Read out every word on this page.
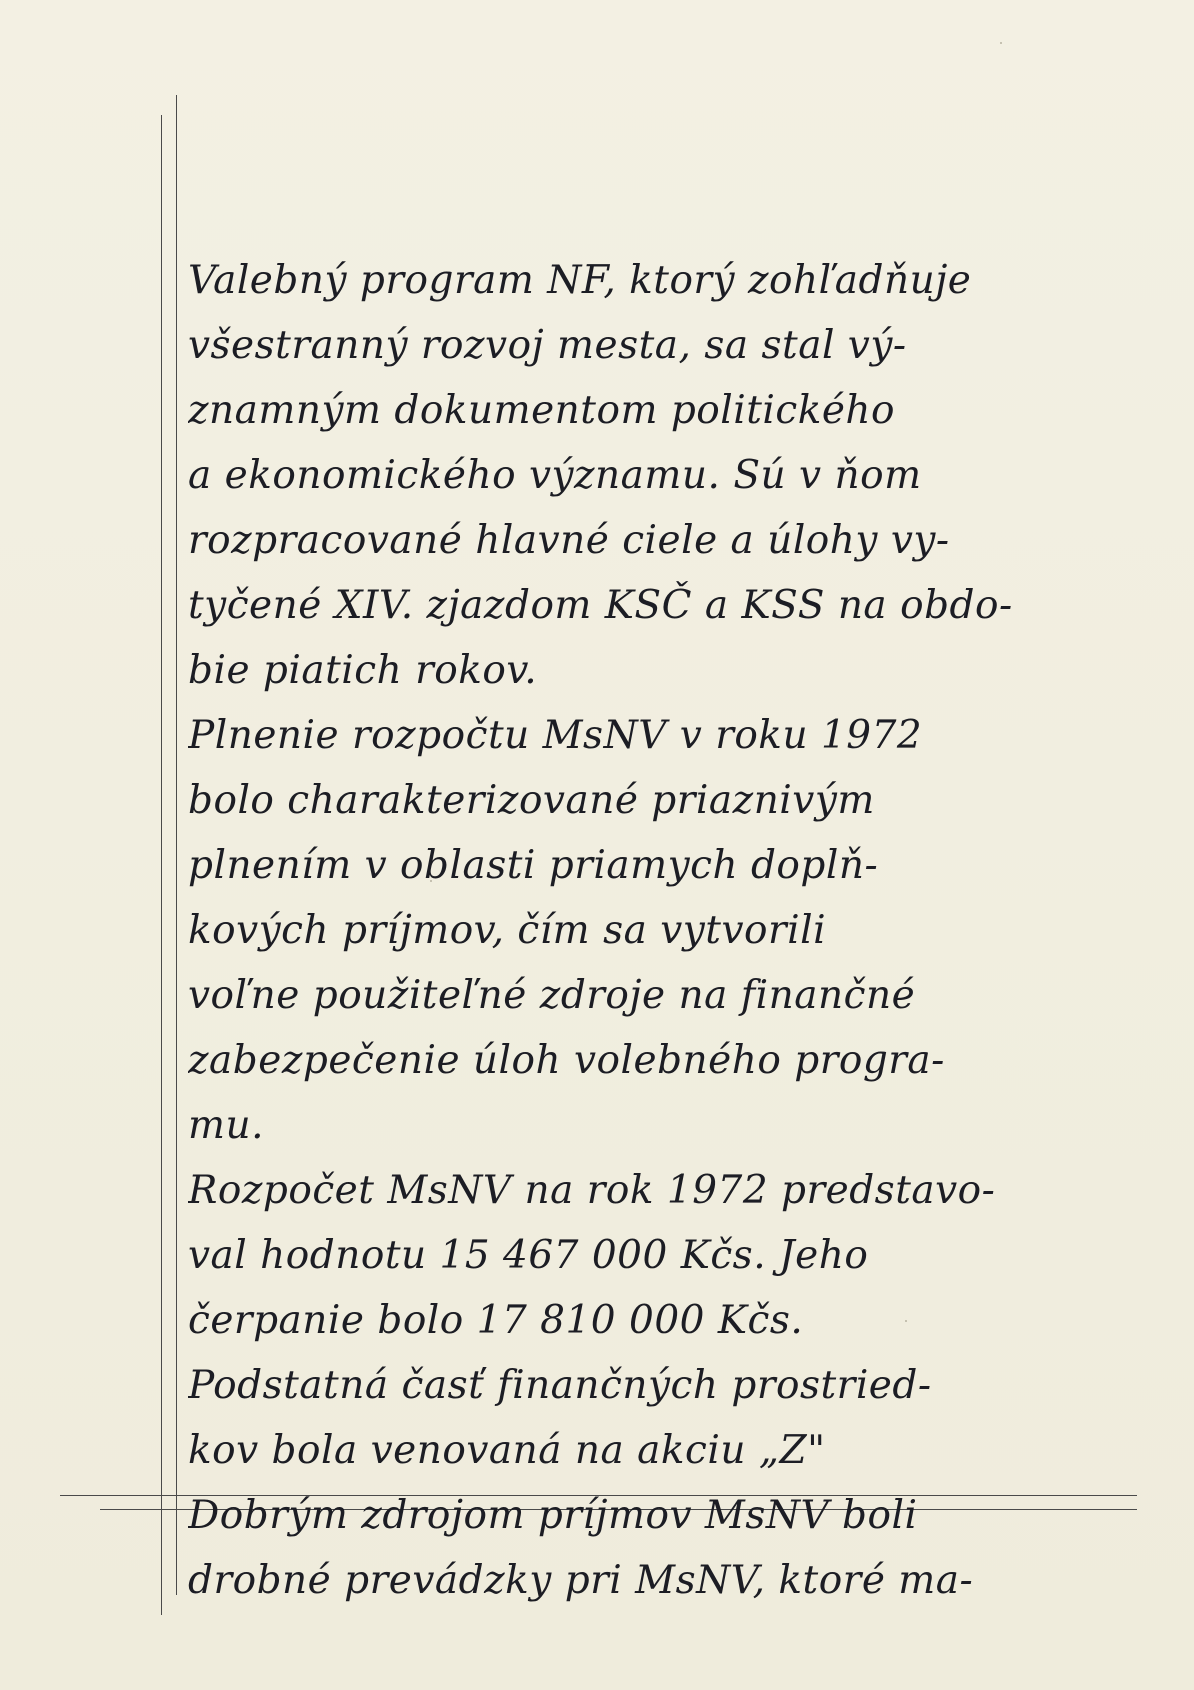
Valebný program NF, ktorý zohľadňuje
všestranný rozvoj mesta, sa stal vý-
znamným dokumentom politického
a ekonomického významu. Sú v ňom
rozpracované hlavné ciele a úlohy vy-
tyčené XIV. zjazdom KSČ a KSS na obdo-
bie piatich rokov.
Plnenie rozpočtu MsNV v roku 1972
bolo charakterizované priaznivým
plnením v oblasti priamych doplň-
kových príjmov, čím sa vytvorili
voľne použiteľné zdroje na finančné
zabezpečenie úloh volebného progra-
mu.
Rozpočet MsNV na rok 1972 predstavo-
val hodnotu 15 467 000 Kčs. Jeho
čerpanie bolo 17 810 000 Kčs.
Podstatná časť finančných prostried-
kov bola venovaná na akciu „Z"
Dobrým zdrojom príjmov MsNV boli
drobné prevádzky pri MsNV, ktoré ma-
